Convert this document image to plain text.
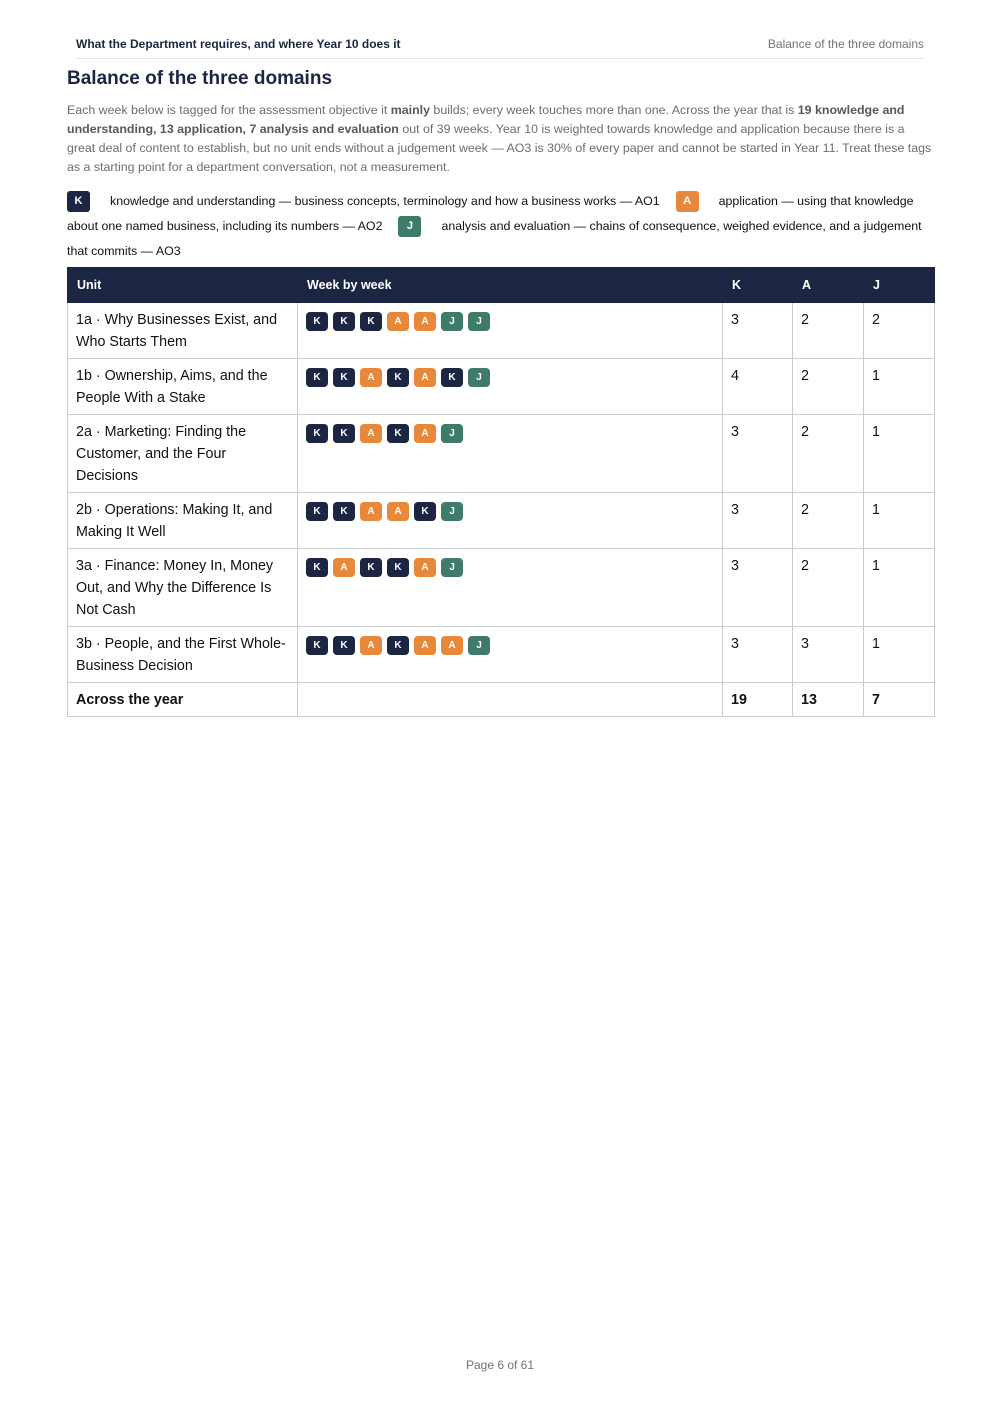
What the Department requires, and where Year 10 does it	Balance of the three domains
Balance of the three domains

Each week below is tagged for the assessment objective it mainly builds; every week touches more than one. Across the year that is 19 knowledge and understanding, 13 application, 7 analysis and evaluation out of 39 weeks. Year 10 is weighted towards knowledge and application because there is a great deal of content to establish, but no unit ends without a judgement week — AO3 is 30% of every paper and cannot be started in Year 11. Treat these tags as a starting point for a department conversation, not a measurement.

K knowledge and understanding — business concepts, terminology and how a business works — AO1 A application — using that knowledge about one named business, including its numbers — AO2 J analysis and evaluation — chains of consequence, weighed evidence, and a judgement that commits — AO3

Unit	Week by week	K	A	J
1a · Why Businesses Exist, and Who Starts Them	K K K A A J J	3	2	2
1b · Ownership, Aims, and the People With a Stake	K K A K A K J	4	2	1
2a · Marketing: Finding the Customer, and the Four Decisions	K K A K A J	3	2	1
2b · Operations: Making It, and Making It Well	K K A A K J	3	2	1
3a · Finance: Money In, Money Out, and Why the Difference Is Not Cash	K A K K A J	3	2	1
3b · People, and the First Whole-Business Decision	K K A K A A J	3	3	1
Across the year		19	13	7
Page 6 of 61
